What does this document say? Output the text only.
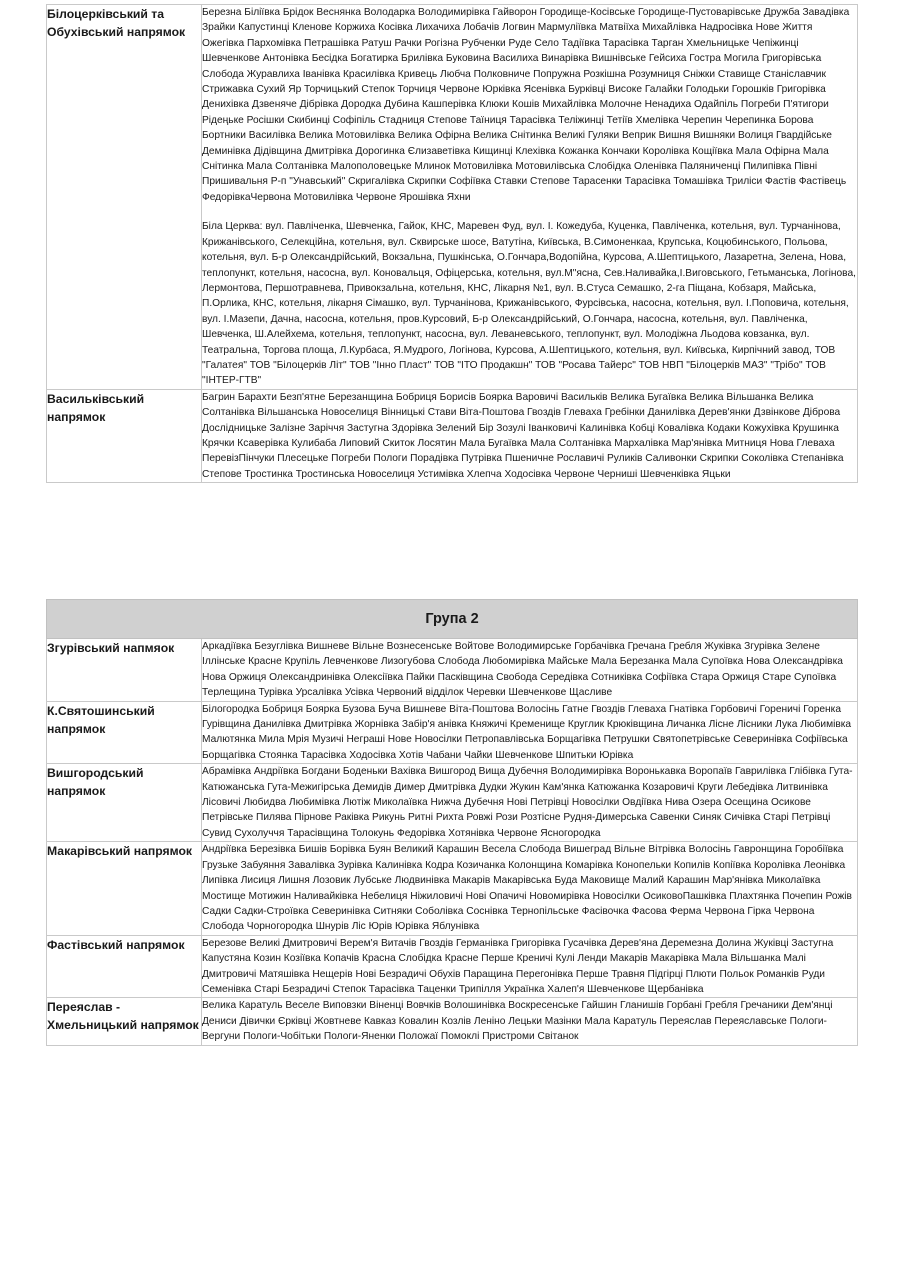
Білоцерківський та Обухівський напрямок	Березна Біліївка Брідок Веснянка Володарка Володимирівка Гайворон Городище-Косівське Городище-Пустоварівське Дружба Завадівка Зрайки Капустинці Кленове Коржиха Косівка Лихачиха Лобачів Логвин Мармуліївка Матвіїха Михайлівка Надросівка Нове Життя Ожегівка Пархомівка Петрашівка Ратуш Рачки Рогізна Рубченки Руде Село Тадіївка Тарасівка Тарган Хмельницьке Чепіжинці Шевченкове Антонівка Бесідка Богатирка Брилівка Буковина Василиха Винарівка Вишнівське Гейсиха Гостра Могила Григорівська Слобода Журавлиха Іванівка Красилівка Кривець Любча Полковниче Попружна Розкішна Розумниця Сніжки Ставище Станіславчик Стрижавка Сухий Яр Торчицький Степок Торчиця Червоне Юрківка Ясенівка Бурківці Високе Галайки Голодьки Горошків Григорівка Денихівка Дзвеняче Дібрівка Дородка Дубина Кашперівка Клюки Кошів Михайлівка Молочне Ненадиха Одайпіль Погреби П'ятигори Рідеңьке Росішки Скибинці Софіпіль Стадниця Степове Таїниця Тарасівка Теліжинці Тетіїв Хмелівка Черепин Черепинка Борова Бортники Василівка Велика Мотовилівка Велика Офірна Велика Снітинка Великі Гуляки Веприк Вишня Вишняки Волиця Гвардійське Деминівка Дідівщина Дмитрівка Дорогинка Єлизаветівка Кищинці Клехівка Кожанка Кончаки Королівка Кощіївка Мала Офірна Мала Снітинка Мала Солтанівка Малополовецьке Млинок Мотовилівка Мотовилівська Слобідка Оленівка Паляниченці Пилипівка Півні Пришивальня Р-п "Унавський" Скригалівка Скрипки Софіївка Ставки Степове Тарасенки Тарасівка Томашівка Триліси Фастів Фастівець ФедорівкаЧервона Мотовилівка Червоне Ярошівка Яхни

Біла Церква: вул. Павліченка, Шевченка, Гайок, КНС, Маревен Фуд, вул. І. Кожедуба, Куценка, Павліченка, котельня, вул. Турчанінова, Крижанівського, Селекційна, котельня, вул. Сквирське шосе, Ватутіна, Київська, В.Симоненкаа, Крупська, Коцюбинського, Польова, котельня, вул. Б-р Олександрійський, Вокзальна, Пушкінська, О.Гончара,Водопійна, Курсова, А.Шептицького, Лазаретна, Зелена, Нова, теплопункт, котельня, насосна, вул. Коновальця, Офіцерська, котельня, вул.М"ясна, Сев.Наливайка,І.Виговського, Гетьманська, Логінова, Лермонтова, Першотравнева, Привокзальна, котельня, КНС, Лікарня №1, вул. В.Стуса Семашко, 2-га Піщана, Кобзаря, Майська, П.Орлика, КНС, котельня, лікарня Сімашко, вул. Турчанінова, Крижанівського, Фурсівська, насосна, котельня, вул. І.Поповича, котельня, вул. І.Мазепи, Дачна, насосна, котельня, пров.Курсовий, Б-р Олександрійський, О.Гончара, насосна, котельня, вул. Павліченка, Шевченка, Ш.Алейхема, котельня, теплопункт, насосна, вул. Леваневського, теплопункт, вул. Молодіжна Льодова ковзанка, вул. Театральна, Торгова площа, Л.Курбаса, Я.Мудрого, Логінова, Курсова, А.Шептицького, котельня, вул. Київська, Кирпічний завод, ТОВ "Галатея" ТОВ "Білоцерків Літ" ТОВ "Інно Пласт" ТОВ "ІТО Продакшн" ТОВ "Росава Тайерс" ТОВ НВП "Білоцерків МАЗ" "Трібо" ТОВ "ІНТЕР-ГТВ"

Васильківський напрямок	Багрин Барахти Безп'ятне Березанщина Бобриця Борисів Боярка Варовичі Васильків Велика Бугаївка Велика Вільшанка Велика Солтанівка Вільшанська Новоселиця Вінницькі Стави Віта-Поштова Гвоздів Глеваха Гребінки Данилівка Дерев'янки Дзвінкове Діброва Дослідницьке Залізне Заріччя Застугна Здорівка Зелений Бір Зозулі Іванковичі Калинівка Кобці Ковалівка Кодаки Кожухівка Крушинка Крячки Ксаверівка Кулибаба Липовий Скиток Лосятин Мала Бугаївка Мала Солтанівка Мархалівка Мар'янівка Митниця Нова Глеваха ПеревізПінчуки Плесецьке Погреби Пологи Порадівка Путрівка Пшеничне Рославичі Руликів Саливонки Скрипки Соколівка Степанівка Степове Тростинка Тростинська Новоселиця Устимівка Хлепча Ходосівка Червоне Черниші Шевченківка Яцьки
Група 2	
Згурівський напмяок	Аркадіївка Безуглівка Вишневе Вільне Вознесенське Войтове Володимирське Горбачівка Гречана Гребля Жуківка Згурівка Зелене Іллінське Красне Крупіль Левченкове Лизогубова Слобода Любомирівка Майське Мала Березанка Мала Супоївка Нова Олександрівка Нова Оржиця Олександринівка Олексіївка Пайки Пасківщина Свобода Середівка Сотниківка Софіївка Стара Оржиця Старе Супоївка Терлещина Турівка Урсалівка Усівка Червоний відділок Черевки Шевченкове Щасливе
К.Святошинський напрямок	Білогородка Бобриця Боярка Бузова Буча Вишневе Віта-Поштова Волосінь Гатне Гвоздів Глеваха Гнатівка Горбовичі Гореничі Горенка Гурівщина Данилівка Дмитрівка Жорнівка Забір'я анівка Княжичі Кременище Круглик Крюківщина Личанка Лісне Лісники Лука Любимівка Малютянка Мила Мрія Музичі Неграші Нове Новосілки Петропавлівська Борщагівка Петрушки Святопетрівське Северинівка Софіївська Борщагівка Стоянка Тарасівка Ходосівка Хотів Чабани Чайки Шевченкове Шпитьки Юрівка
Вишгородський напрямок	Абрамівка Андріївка Богдани Боденьки Вахівка Вишгород Вища Дубечня Володимирівка Воронькавка Воропаїв Гаврилівка Глібівка Гута-Катюжанська Гута-Межигірська Демидів Димер Дмитрівка Дудки Жукин Кам'янка Катюжанка Козаровичі Круги Лебедівка Литвинівка Лісовичі Любидва Любимівка Лютіж Миколаївка Нижча Дубечня Нові Петрівці Новосілки Овдіївка Нива Озера Осещина Осикове Петрівське Пилява Пірнове Раківка Рикунь Ритні Рихта Ровжі Рози Розтісне Рудня-Димерська Савенки Синяк Сичівка Старі Петрівці Сувид Сухолуччя Тарасівщина Толокунь Федорівка Хотянівка Червоне Ясногородка
Макарівський напрямок	Андріївка Березівка Бишів Борівка Буян Великий Карашин Весела Слобода Вишеград Вільне Вітрівка Волосінь Гавронщина Горобіївка Грузьке Забуяння Завалівка Зурівка Калинівка Кодра Козичанка Колонщина Комарівка Конопельки Копилів Копіївка Королівка Леонівка Липівка Лисиця Лишня Лозовик Лубське Людвинівка Макарів Макарівська Буда Маковище Малий Карашин Мар'янівка Миколаївка Мостище Мотижин Наливайківка Небелиця Ніжиловичі Нові Опачичі Новомирівка Новосілки ОсиковоПашківка Плахтянка Почепин Рожів Садки Садки-Строївка Северинівка Ситняки Соболівка Соснівка Тернопільське Фасівочка Фасова Ферма Червона Гірка Червона Слобода Чорногородка Шнурів Ліс Юрів Юрівка Яблунівка
Фастівський напрямок	Березове Великі Дмитровичі Верем'я Витачів Гвоздів Германівка Григорівка Гусачівка Дерев'яна Деремезна Долина Жуківці Застугна Капустяна Козин Козіївка Копачів Красна Слобідка Красне Перше Креничі Кулі Ленди Макарів Макарівка Мала Вільшанка Малі Дмитровичі Матяшівка Нещерів Нові Безрадичі Обухів Паращина Перегонівка Перше Травня Підгірці Плюти Польок Романків Руди Семенівка Старі Безрадичі Степок Тарасівка Таценки Трипілля Українка Халеп'я Шевченкове Щербанівка
Переяслав - Хмельницький напрямок	Велика Каратуль Веселе Виповзки Віненці Вовчків Волошинівка Воскресенське Гайшин Гланишів Горбані Гребля Гречаники Дем'янці Дениси Дівички Єрківці Жовтневе Кавказ Ковалин Козлів Леніно Лецьки Мазінки Мала Каратуль Переяслав Переяславське Пологи-Вергуни Пологи-Чобітьки Пологи-Яненки Положаї Помоклі Пристроми Світанок
